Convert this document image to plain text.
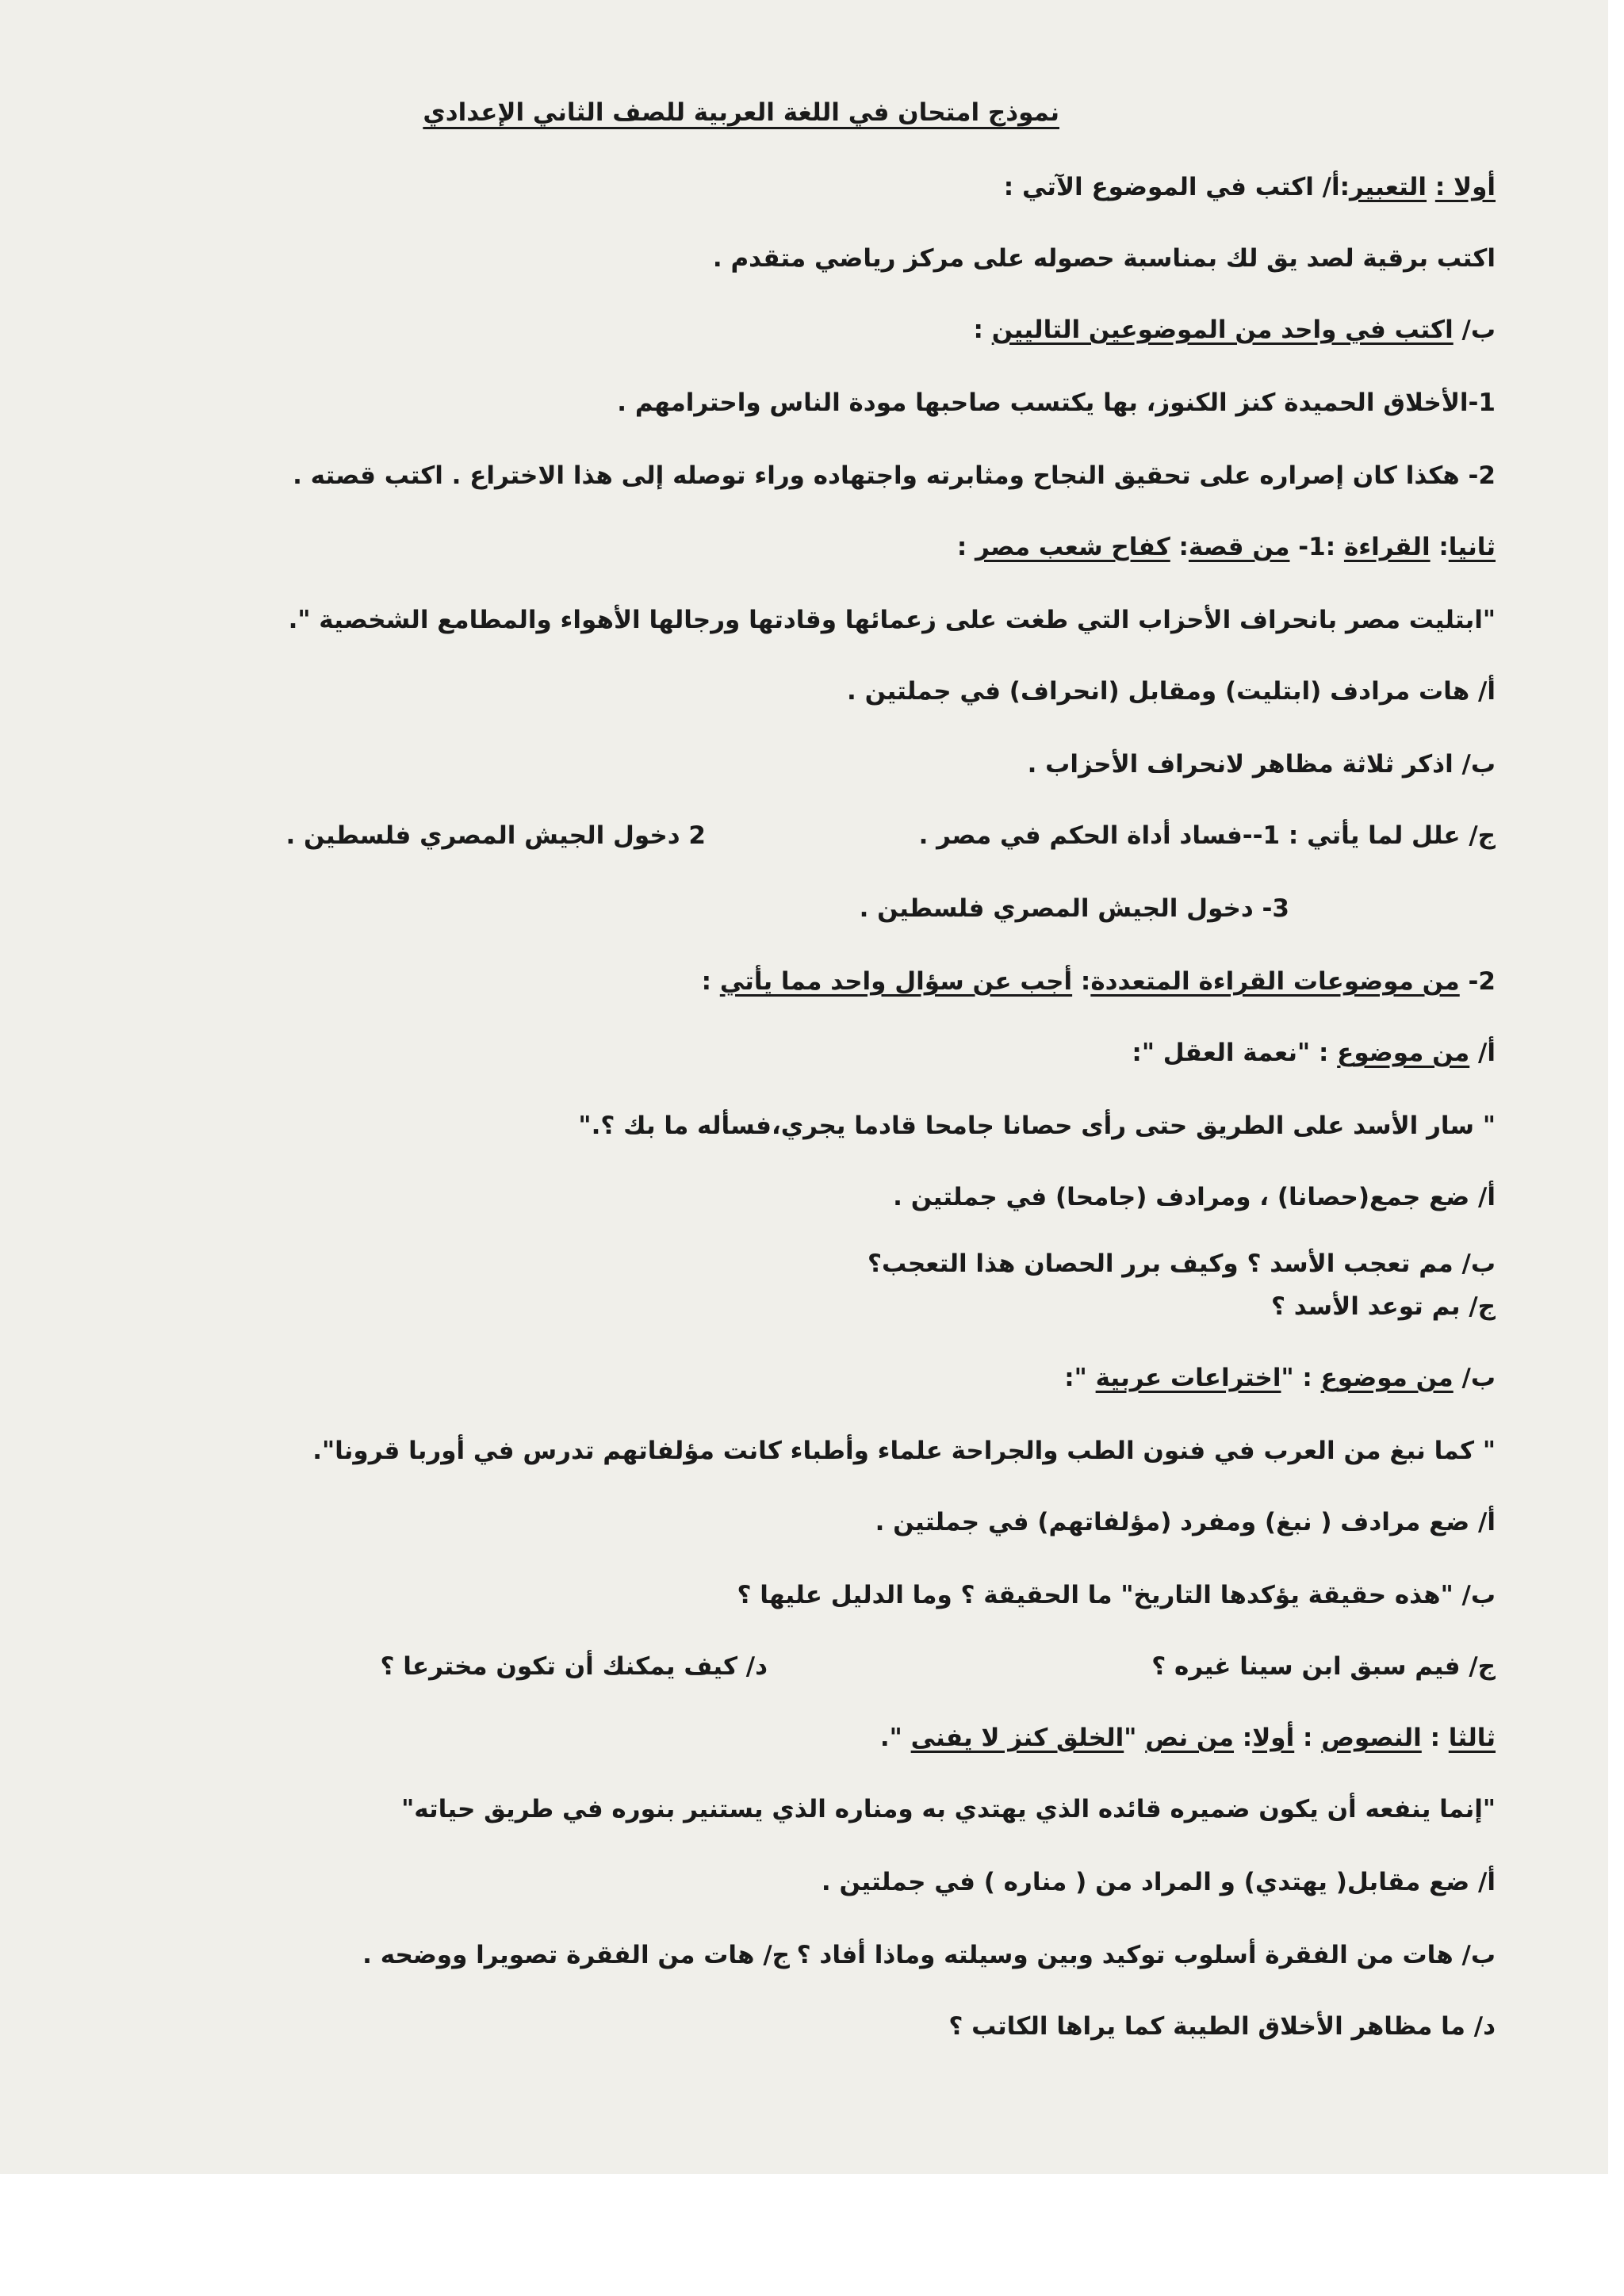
نموذج امتحان في اللغة العربية للصف الثاني الإعدادي
أولا : التعبير:أ/ اكتب في الموضوع الآتي :
اكتب برقية لصد يق لك بمناسبة حصوله على مركز رياضي متقدم .
ب/ اكتب في واحد من الموضوعين التاليين :
1-الأخلاق الحميدة كنز الكنوز، بها يكتسب صاحبها مودة الناس واحترامهم .
2- هكذا كان إصراره على تحقيق النجاح ومثابرته واجتهاده وراء توصله إلى هذا الاختراع . اكتب قصته .
ثانيا: القراءة :1- من قصة: كفاح شعب مصر :
"ابتليت مصر بانحراف الأحزاب التي طغت على زعمائها وقادتها ورجالها الأهواء والمطامع الشخصية ".
أ/ هات مرادف (ابتليت) ومقابل (انحراف) في جملتين .
ب/ اذكر ثلاثة مظاهر لانحراف الأحزاب .
ج/ علل لما يأتي : 1--فساد أداة الحكم في مصر .
2 دخول الجيش المصري فلسطين .
3- دخول الجيش المصري فلسطين .
2- من موضوعات القراءة المتعددة: أجب عن سؤال واحد مما يأتي :
أ/ من موضوع : "نعمة العقل ":
" سار الأسد على الطريق حتى رأى حصانا جامحا قادما يجري،فسأله ما بك ؟."
أ/ ضع جمع(حصانا) ، ومرادف (جامحا) في جملتين .
ب/ مم تعجب الأسد ؟ وكيف برر الحصان هذا التعجب؟
ج/ بم توعد الأسد ؟
ب/ من موضوع : "اختراعات عربية ":
" كما نبغ من العرب في فنون الطب والجراحة علماء وأطباء كانت مؤلفاتهم تدرس في أوربا قرونا".
أ/ ضع مرادف ( نبغ) ومفرد (مؤلفاتهم) في جملتين .
ب/ "هذه حقيقة يؤكدها التاريخ" ما الحقيقة ؟ وما الدليل عليها ؟
ج/ فيم سبق ابن سينا غيره ؟
د/ كيف يمكنك أن تكون مخترعا ؟
ثالثا : النصوص : أولا: من نص "الخلق كنز لا يفنى ".
"إنما ينفعه أن يكون ضميره قائده الذي يهتدي به ومناره الذي يستنير بنوره في طريق حياته"
أ/ ضع مقابل( يهتدي) و المراد من ( مناره ) في جملتين .
ب/ هات من الفقرة أسلوب توكيد وبين وسيلته وماذا أفاد ؟
ج/ هات من الفقرة تصويرا ووضحه .
د/ ما مظاهر الأخلاق الطيبة كما يراها الكاتب ؟
